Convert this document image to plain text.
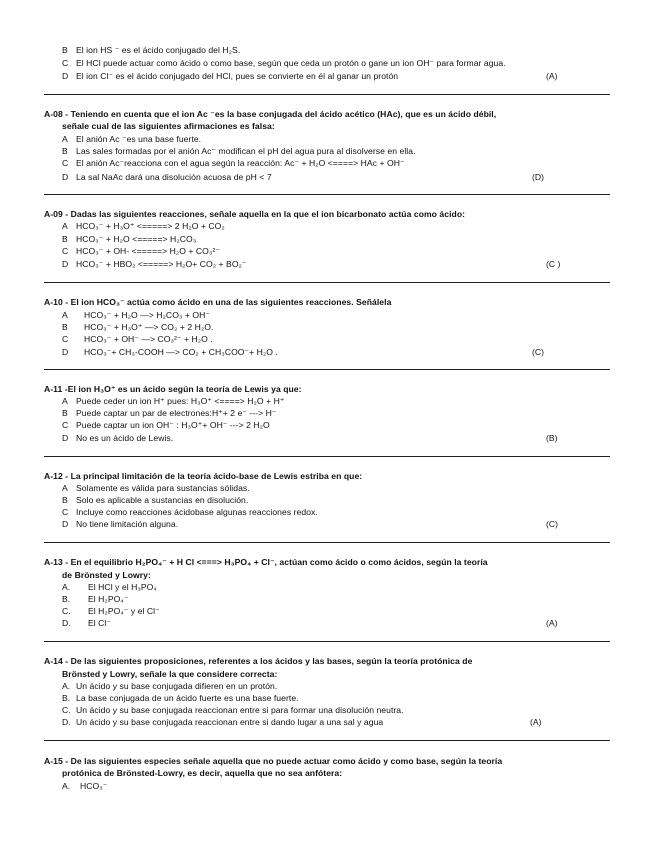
B El ion HS ⁻ es el ácido conjugado del H₂S.
C El HCl puede actuar como ácido o como base, según que ceda un protón o gane un ion OH⁻ para formar agua.
D El ion Cl⁻ es el ácido conjugado del HCl, pues se convierte en él al ganar un protón	(A)
A-08 - Teniendo en cuenta que el ion Ac ⁻es la base conjugada del ácido acético (HAc), que es un ácido débil,
señale cual de las siguientes afirmaciones es falsa:
A El anión Ac ⁻es una base fuerte.
B Las sales formadas por el anión Ac⁻ modifican el pH del agua pura al disolverse en ella.
C El anión Ac⁻reacciona con el agua según la reacción: Ac⁻ + H₂O <====> HAc + OH⁻
D La sal NaAc dará una disolución acuosa de pH < 7	(D)
A-09 - Dadas las siguientes reacciones, señale aquella en la que el ion bicarbonato actúa como ácido:
A HCO₃⁻ + H₃O⁺ <=====> 2 H₂O + CO₂
B HCO₃⁻ + H₂O <=====> H₂CO₃
C HCO₃⁻ + OH- <=====> H₂O + CO₃²⁻
D HCO₃⁻ + HBO₂ <=====> H₂O+ CO₂ + BO₂⁻	(C )
A-10 - El ion HCO₃⁻ actúa como ácido en una de las siguientes reacciones. Señálela
A HCO₃⁻ + H₂O —> H₂CO₃ + OH⁻
B HCO₃⁻ + H₃O⁺ —> CO₂ + 2 H₂O.
C HCO₃⁻ + OH⁻ —> CO₃²⁻ + H₂O .
D HCO₃⁻+ CH₃-COOH —> CO₂ + CH₃COO⁻+ H₂O .	(C)
A-11 -El ion H₃O⁺ es un ácido según la teoría de Lewis ya que:
A Puede ceder un ion H⁺ pues: H₃O⁺ <====> H₂O + H⁺
B Puede captar un par de electrones:H⁺+ 2 e⁻ ---> H⁻
C Puede captar un ion OH⁻ : H₃O⁺+ OH⁻ ---> 2 H₂O
D No es un ácido de Lewis.	(B)
A-12 - La principal limitación de la teoría ácido-base de Lewis estriba en que:
A Solamente es válida para sustancias sólidas.
B Solo es aplicable a sustancias en disolución.
C Incluye como reacciones ácidobase algunas reacciones redox.
D No tiene limitación alguna.	(C)
A-13 - En el equilibrio H₂PO₄⁻ + H Cl <===> H₃PO₄ + Cl⁻, actúan como ácido o como ácidos, según la teoría
de Brönsted y Lowry:
A. El HCl y el H₃PO₄
B. El H₂PO₄⁻
C. El H₂PO₄⁻ y el Cl⁻
D. El Cl⁻	(A)
A-14 - De las siguientes proposiciones, referentes a los ácidos y las bases, según la teoría protónica de
Brönsted y Lowry, señale la que considere correcta:
A. Un ácido y su base conjugada difieren en un protón.
B. La base conjugada de un ácido fuerte es una base fuerte.
C. Un ácido y su base conjugada reaccionan entre si para formar una disolución neutra.
D. Un ácido y su base conjugada reaccionan entre si dando lugar a una sal y agua	(A)
A-15 - De las siguientes especies señale aquella que no puede actuar como ácido y como base, según la teoría
protónica de Brönsted-Lowry, es decir, aquella que no sea anfótera:
A. HCO₃⁻
